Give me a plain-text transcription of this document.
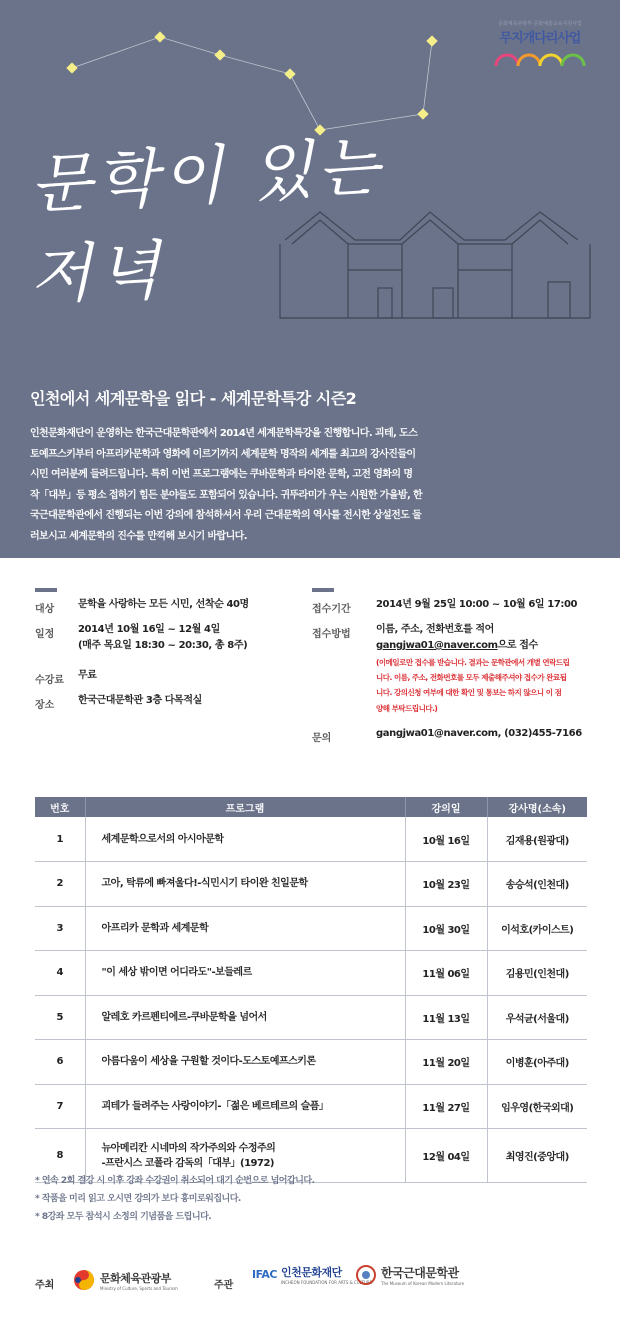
문화체육관광부 문화예술교육지원사업
무지개다리사업
문학이 있는
저녁
인천에서 세계문학을 읽다 - 세계문학특강 시즌2

인천문화재단이 운영하는 한국근대문학관에서 2014년 세계문학특강을 진행합니다. 괴테, 도스

토예프스키부터 아프리카문학과 영화에 이르기까지 세계문학 명작의 세계를 최고의 강사진들이

시민 여러분께 들려드립니다. 특히 이번 프로그램에는 쿠바문학과 타이완 문학, 고전 영화의 명

작「대부」등 평소 접하기 힘든 분야들도 포함되어 있습니다. 귀뚜라미가 우는 시원한 가을밤, 한

국근대문학관에서 진행되는 이번 강의에 참석하셔서 우리 근대문학의 역사를 전시한 상설전도 둘

러보시고 세계문학의 진수를 만끽해 보시기 바랍니다.

대상 문학을 사랑하는 모든 시민, 선착순 40명
일정 2014년 10월 16일 ~ 12월 4일
(매주 목요일 18:30 ~ 20:30, 총 8주)
수강료 무료
장소 한국근대문학관 3층 다목적실
접수기간	2014년 9월 25일 10:00 ~ 10월 6일 17:00
접수방법	이름, 주소, 전화번호를 적어
gangjwa01@naver.com으로 접수
(이메일로만 접수를 받습니다. 결과는 문학관에서 개별 연락드립
니다. 이름, 주소, 전화번호를 모두 제출해주셔야 접수가 완료됩
니다. 강의신청 여부에 대한 확인 및 통보는 하지 않으니 이 점
양해 부탁드립니다.)
문의	gangjwa01@naver.com, (032)455-7166
번호	프로그램	강의일	강사명(소속)
1	세계문학으로서의 아시아문학	10월 16일	김재용(원광대)
2	고아, 탁류에 빠져울다!-식민시기 타이완 친일문학	10월 23일	송승석(인천대)
3	아프리카 문학과 세계문학	10월 30일	이석호(카이스트)
4	"이 세상 밖이면 어디라도"-보들레르	11월 06일	김용민(인천대)
5	알레호 카르펜티에르-쿠바문학을 넘어서	11월 13일	우석균(서울대)
6	아름다움이 세상을 구원할 것이다-도스토예프스키론	11월 20일	이병훈(아주대)
7	괴테가 들려주는 사랑이야기-「젊은 베르테르의 슬픔」	11월 27일	임우영(한국외대)
8	뉴아메리칸 시네마의 작가주의와 수정주의
-프란시스 코폴라 감독의「대부」(1972)	12월 04일	최영진(중앙대)

* 연속 2회 결강 시 이후 강좌 수강권이 취소되어 대기 순번으로 넘어갑니다.

* 작품을 미리 읽고 오시면 강의가 보다 흥미로워집니다.

* 8강좌 모두 참석시 소정의 기념품을 드립니다.

주최
문화체육관광부
Ministry of Culture, Sports and Tourism	주관
IFAC 인천문화재단
INCHEON FOUNDATION FOR ARTS & CULTURE
한국근대문학관
The Museum of Korean Modern Literature
